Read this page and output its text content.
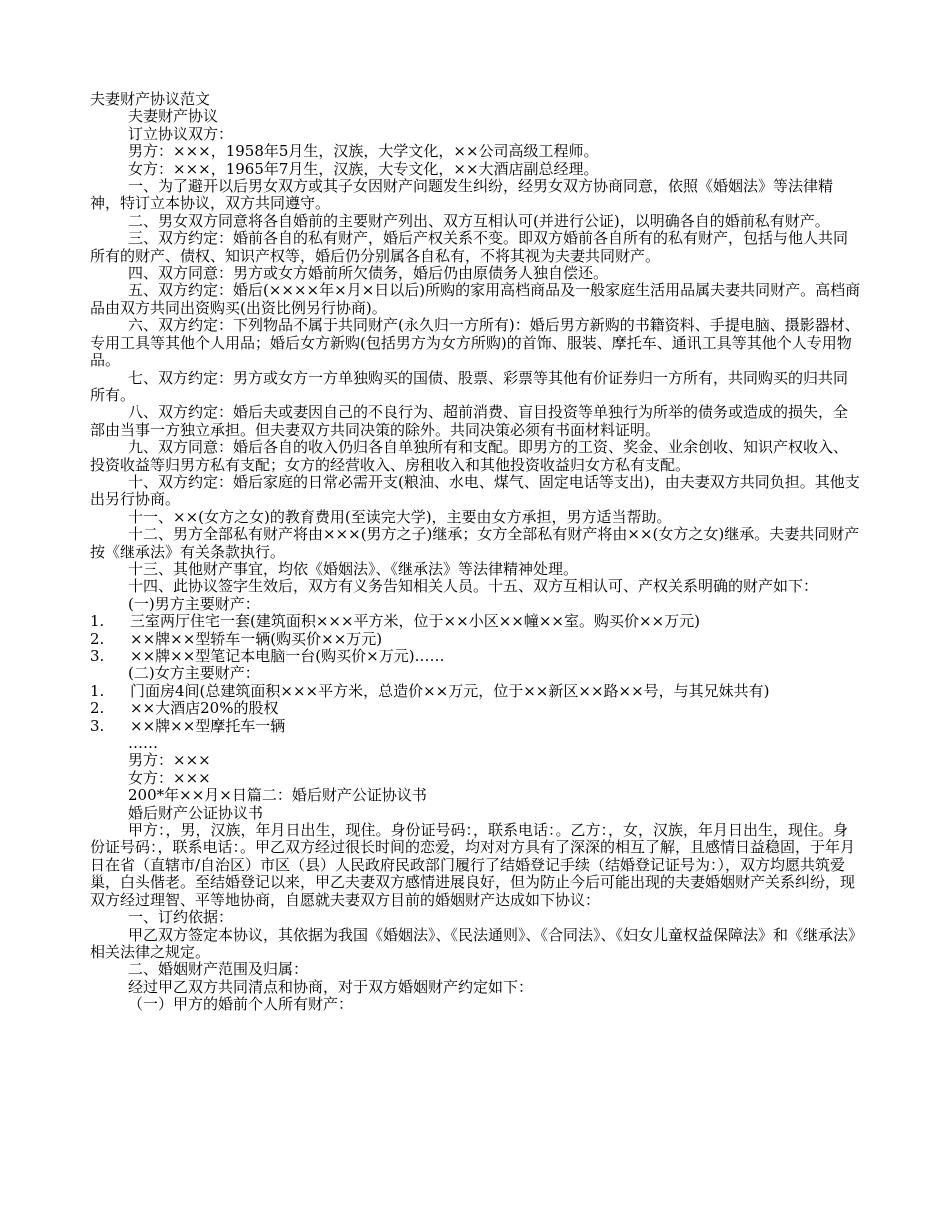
夫妻财产协议范文

夫妻财产协议

订立协议双方：

男方：×××，1958年5月生，汉族，大学文化，××公司高级工程师。

女方：×××，1965年7月生，汉族，大专文化，××大酒店副总经理。

一、为了避开以后男女双方或其子女因财产问题发生纠纷，经男女双方协商同意，依照《婚姻法》等法律精神，特订立本协议，双方共同遵守。

二、男女双方同意将各自婚前的主要财产列出、双方互相认可(并进行公证)，以明确各自的婚前私有财产。

三、双方约定：婚前各自的私有财产，婚后产权关系不变。即双方婚前各自所有的私有财产，包括与他人共同所有的财产、债权、知识产权等，婚后仍分别属各自私有，不将其视为夫妻共同财产。

四、双方同意：男方或女方婚前所欠债务，婚后仍由原债务人独自偿还。

五、双方约定：婚后(××××年×月×日以后)所购的家用高档商品及一般家庭生活用品属夫妻共同财产。高档商品由双方共同出资购买(出资比例另行协商)。

六、双方约定：下列物品不属于共同财产(永久归一方所有)：婚后男方新购的书籍资料、手提电脑、摄影器材、专用工具等其他个人用品；婚后女方新购(包括男方为女方所购)的首饰、服装、摩托车、通讯工具等其他个人专用物品。

七、双方约定：男方或女方一方单独购买的国债、股票、彩票等其他有价证券归一方所有，共同购买的归共同所有。

八、双方约定：婚后夫或妻因自己的不良行为、超前消费、盲目投资等单独行为所举的债务或造成的损失，全部由当事一方独立承担。但夫妻双方共同决策的除外。共同决策必须有书面材料证明。

九、双方同意：婚后各自的收入仍归各自单独所有和支配。即男方的工资、奖金、业余创收、知识产权收入、投资收益等归男方私有支配；女方的经营收入、房租收入和其他投资收益归女方私有支配。

十、双方约定：婚后家庭的日常必需开支(粮油、水电、煤气、固定电话等支出)，由夫妻双方共同负担。其他支出另行协商。

十一、××(女方之女)的教育费用(至读完大学)，主要由女方承担，男方适当帮助。

十二、男方全部私有财产将由×××(男方之子)继承；女方全部私有财产将由××(女方之女)继承。夫妻共同财产按《继承法》有关条款执行。

十三、其他财产事宜，均依《婚姻法》、《继承法》等法律精神处理。

十四、此协议签字生效后，双方有义务告知相关人员。十五、双方互相认可、产权关系明确的财产如下：

(一)男方主要财产：

1.	三室两厅住宅一套(建筑面积×××平方米，位于××小区××幢××室。购买价××万元)
2.	××牌××型轿车一辆(购买价××万元)
3.	××牌××型笔记本电脑一台(购买价×万元)……

(二)女方主要财产：

1.	门面房4间(总建筑面积×××平方米，总造价××万元，位于××新区××路××号，与其兄妹共有)
2.	××大酒店20%的股权
3.	××牌××型摩托车一辆

……

男方：×××

女方：×××

200*年××月×日篇二：婚后财产公证协议书

婚后财产公证协议书

甲方：，男，汉族，年月日出生，现住。身份证号码：，联系电话：。乙方：，女，汉族，年月日出生，现住。身份证号码：，联系电话：。甲乙双方经过很长时间的恋爱，均对对方具有了深深的相互了解，且感情日益稳固，于年月日在省（直辖市/自治区）市区（县）人民政府民政部门履行了结婚登记手续（结婚登记证号为：），双方均愿共筑爱巢，白头偕老。至结婚登记以来，甲乙夫妻双方感情进展良好，但为防止今后可能出现的夫妻婚姻财产关系纠纷，现双方经过理智、平等地协商，自愿就夫妻双方目前的婚姻财产达成如下协议：

一、订约依据：

甲乙双方签定本协议，其依据为我国《婚姻法》、《民法通则》、《合同法》、《妇女儿童权益保障法》和《继承法》相关法律之规定。

二、婚姻财产范围及归属：

经过甲乙双方共同清点和协商，对于双方婚姻财产约定如下：

（一）甲方的婚前个人所有财产：
